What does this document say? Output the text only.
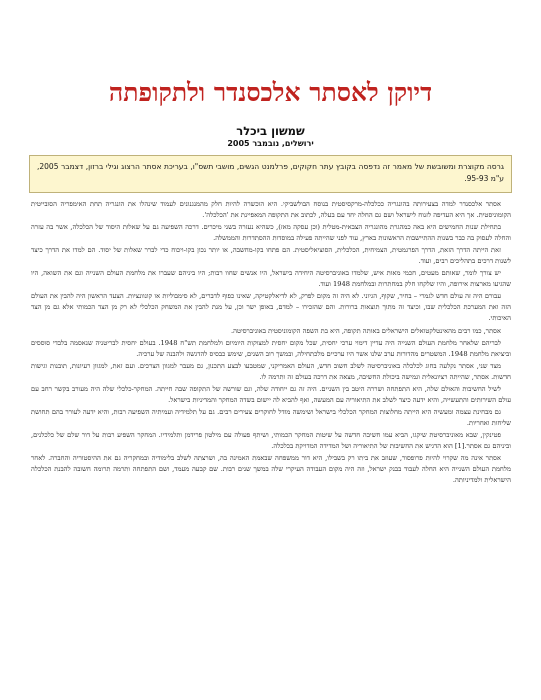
דיוקן לאסתר אלכסנדר ולתקופתה
שמשון ביכלר
ירושלים, נובמבר 2005
גרסה מקוצרת ומשובשת של מאמר זה נדפסה בקובץ עתר חקוקים, פרלמנט הגשים, מושבי תשס"ו, בעריכת אסתר הרצוג וגילי ברזון, דצמבר 2005, ע"מ 95-93.

אסתר אלכסנדר למדה בצעירותה בהונגריה ככלכלה-מרקסיסטית בנוסח הבולשביקי. היא הוכשרה להיות חלק מהמנגנונים לעמוד שינהלו את הונגריה תחת האימפריה הסובייטית הקומוניסטית. אך היא העדיפה לזנוח לישראל ושם גם החלה יחד עם בעלה, לכתוב את התקופה המאפיינת את 'הכלכלה'.

בתחילת שנות החמישים היא באה כמהגרת מהונגריה הצבאית-מטלית (וכן עסקה מאז), כשהיא נעזרה בשני מיכרים. דרכה השפיעה גם על שאלות היסוד של הכלכלה, אשר בה עזרה והחלה לעסוק בה כבר בשנות ההתיישבות הראשונות בארץ, עוד לפני שהייתה פעילה במוסדות ההסתדרות והממשלה.

זאת הייתה הדרך הזאת, הדרך הפרגמטית, הצמיחית, הכלכלית, הסוציאליסטית. הם פתחו בקו-מחשבה, או יותר נכון בקו-ויכוח כדי לברר שאלות של יסוד. הם למדו את הדרך כיצד לשנות דרכים בתהליכים רבים, ועוד.

יש צורך לומר, שאותם מעטים, חכמי מאות איש, שלמדו באוניברסיטה היחידה בישראל, היו אנשים שחוו רבות; היו ביניהם שעברו את מלחמת העולם השנייה וגם את השואה, היו שהגיעו מארצות אירופה, והיו שלקחו חלק במחתרות ובמלחמת 1948 ועוד.

עבורם היה זה עולם חדש לגמרי – בחיר, שקוף, הגיוני. לא היה זה מקום לפרק, לא לדיאלקטיקה, שאינו כפוף לדברים, לא סימבוליות או קונוונציות. הצעד הראשון היה להבין את העולם הזה ואת המערכת הכלכלית שבו, וכיצד זה מתוך תוצאות ברורות. והם שהזכירו – למדם, באופן ישר וכן, על מנת להבין את המשחק הכלכלי לא רק מן הצד הכמותי אלא גם מן הצד האיכותי.

אסתר, כמו רבים מהאינטלקטואלים הישראלים באותה תקופה, היא בת השפה הקומוניסטית באוניברסיטה.

לבריהם שלאחר מלחמת העולם השנייה היה עדיין דימוי ערכי יחסית, שכל מקום יחסית למצוקות היומיום ולמלחמת תש"ח 1948. בעולם יחסית לבריטניה שנאסמה בלבדי סוססים וביציאת מלחמת 1948. המשטרים מהדורות ערב שלנו אשר היו ערכיים מלכתחילה, ובמשך רוב השנים, שימש כבסיס להדגשה ולהבנה של ערכיה.

מצד שני, אסתר נקלעה בחוג לכלכלה באוניברסיטה לשלב חשוב חדש, העולם האמריקני, שמטבעו לבצע התכנון, גם מעבר למגוון הצרכים. ועם זאת, למגוון רעיונות, תובנות וגישות חדשות. אסתר, שהייתה רציונאלית וגמישה ביכולת החשיבה, מצאה את דרכה בעולם זה ותרמה לו.

לשיל החשיבות והאולם שלה, היא התפתחה ושררה היטב בין השניים. היה זה גם ייחודה שלה, וגם שורשה של התקופה שבה חייתה. המחקר-כלכלי שלה היה מעורב בקשר רחב עם עולם השירותים והתעשייה, והיא ידעה כיצד לשלב את התיאוריה עם המעשה, ואף להביא לה יישום בשדה המחקר והמדיניות בישראל.

גם מבחינת עצמה ומעשיה היא הייתה מחלוצות המחקר הכלכלי בישראל ושימשה מודל לחוקרים צעירים רבים. גם על תלמידיה ועמיתיה השפיעה רבות, והיא ידעה לעורר בהם תחושת שליחות ואחריות.

פטינקין, שבא מאוניברסיטת שיקגו, הביא עמו חשיבה חדשה על שיטות המחקר הכמותי, ושיתף פעולה עם מילטון פרידמן ותלמידיו. המחקר השפיע רבות על דור שלם של כלכלנים, וביניהם גם אסתר.[1] הוא הדגיש את החשיבות של התיאוריה ושל המדידה המדויקת בכלכלה.

אסתר אינה מה שקרוי להיות פרופסור, שעוזב את ביתו רק בשבילו, היא דור ממשפחה שבאמת האמינה בה, ושרצתה לשלב בלימודיה ובמחקריה גם את ההיסטוריה והחברה. לאחר מלחמת העולם השנייה היא החלה לעבוד בבנק ישראל, וזה היה מקום העבודה העיקרי שלה במשך שנים רבות. שם קבעה מעמד, ושם התפתחה ותרמה תרומה חשובה להבנת הכלכלה הישראלית ולמדיניותה.
